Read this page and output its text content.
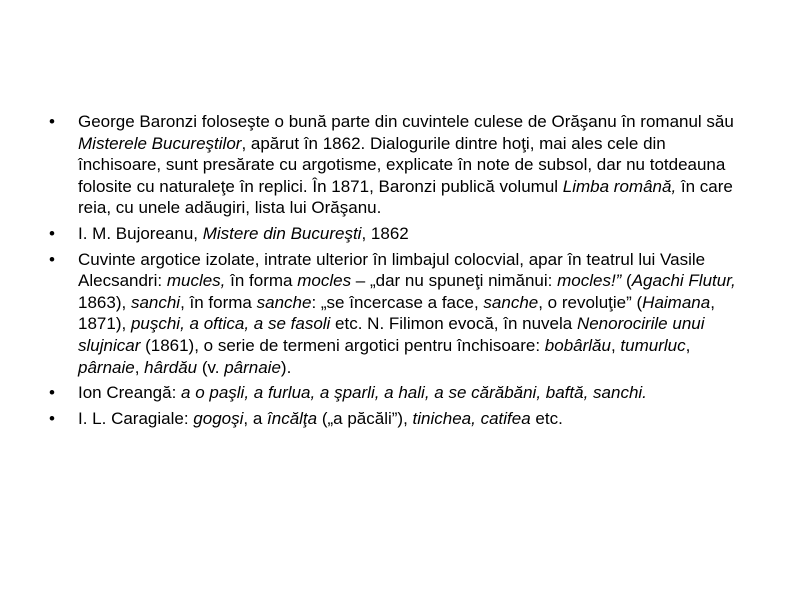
• George Baronzi foloseşte o bună parte din cuvintele culese de Orăşanu în romanul său Misterele Bucureştilor, apărut în 1862. Dialogurile dintre hoţi, mai ales cele din închisoare, sunt presărate cu argotisme, explicate în note de subsol, dar nu totdeauna folosite cu naturaleţe în replici. În 1871, Baronzi publică volumul Limba română, în care reia, cu unele adăugiri, lista lui Orăşanu.
• I. M. Bujoreanu, Mistere din Bucureşti, 1862
• Cuvinte argotice izolate, intrate ulterior în limbajul colocvial, apar în teatrul lui Vasile Alecsandri: mucles, în forma mocles – „dar nu spuneţi nimănui: mocles!” (Agachi Flutur, 1863), sanchi, în forma sanche: „se încercase a face, sanche, o revoluţie” (Haimana, 1871), puşchi, a oftica, a se fasoli etc. N. Filimon evocă, în nuvela Nenorocirile unui slujnicar (1861), o serie de termeni argotici pentru închisoare: bobârlău, tumurluc, pârnaie, hârdău (v. pârnaie).
• Ion Creangă: a o paşli, a furlua, a şparli, a hali, a se cărăbăni, baftă, sanchi.
• I. L. Caragiale: gogoşi, a încălţa („a păcăli”), tinichea, catifea etc.
